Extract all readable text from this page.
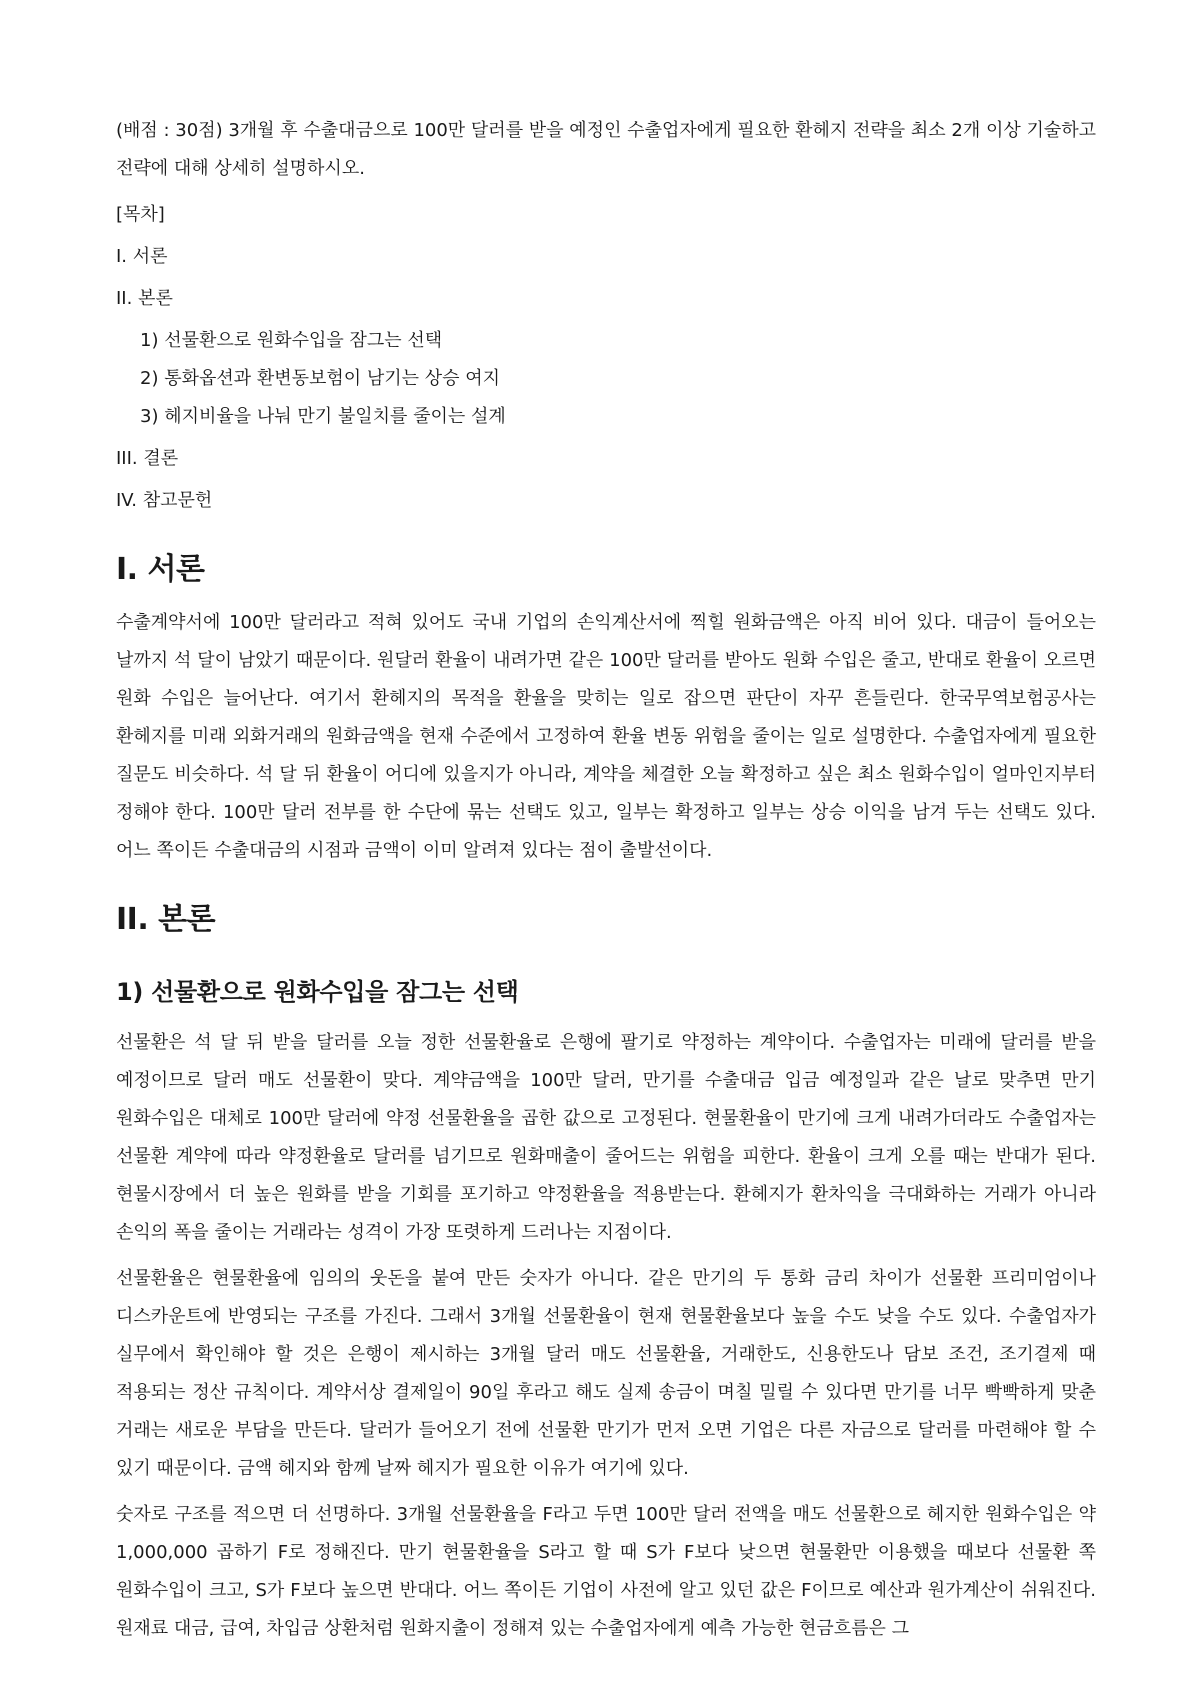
(배점 : 30점) 3개월 후 수출대금으로 100만 달러를 받을 예정인 수출업자에게 필요한 환헤지 전략을 최소 2개 이상 기술하고 전략에 대해 상세히 설명하시오.

[목차]

I. 서론

II. 본론

1) 선물환으로 원화수입을 잠그는 선택

2) 통화옵션과 환변동보험이 남기는 상승 여지

3) 헤지비율을 나눠 만기 불일치를 줄이는 설계

III. 결론

IV. 참고문헌

I. 서론

수출계약서에 100만 달러라고 적혀 있어도 국내 기업의 손익계산서에 찍힐 원화금액은 아직 비어 있다. 대금이 들어오는 날까지 석 달이 남았기 때문이다. 원달러 환율이 내려가면 같은 100만 달러를 받아도 원화 수입은 줄고, 반대로 환율이 오르면 원화 수입은 늘어난다. 여기서 환헤지의 목적을 환율을 맞히는 일로 잡으면 판단이 자꾸 흔들린다. 한국무역보험공사는 환헤지를 미래 외화거래의 원화금액을 현재 수준에서 고정하여 환율 변동 위험을 줄이는 일로 설명한다. 수출업자에게 필요한 질문도 비슷하다. 석 달 뒤 환율이 어디에 있을지가 아니라, 계약을 체결한 오늘 확정하고 싶은 최소 원화수입이 얼마인지부터 정해야 한다. 100만 달러 전부를 한 수단에 묶는 선택도 있고, 일부는 확정하고 일부는 상승 이익을 남겨 두는 선택도 있다. 어느 쪽이든 수출대금의 시점과 금액이 이미 알려져 있다는 점이 출발선이다.

II. 본론
1) 선물환으로 원화수입을 잠그는 선택

선물환은 석 달 뒤 받을 달러를 오늘 정한 선물환율로 은행에 팔기로 약정하는 계약이다. 수출업자는 미래에 달러를 받을 예정이므로 달러 매도 선물환이 맞다. 계약금액을 100만 달러, 만기를 수출대금 입금 예정일과 같은 날로 맞추면 만기 원화수입은 대체로 100만 달러에 약정 선물환율을 곱한 값으로 고정된다. 현물환율이 만기에 크게 내려가더라도 수출업자는 선물환 계약에 따라 약정환율로 달러를 넘기므로 원화매출이 줄어드는 위험을 피한다. 환율이 크게 오를 때는 반대가 된다. 현물시장에서 더 높은 원화를 받을 기회를 포기하고 약정환율을 적용받는다. 환헤지가 환차익을 극대화하는 거래가 아니라 손익의 폭을 줄이는 거래라는 성격이 가장 또렷하게 드러나는 지점이다.

선물환율은 현물환율에 임의의 웃돈을 붙여 만든 숫자가 아니다. 같은 만기의 두 통화 금리 차이가 선물환 프리미엄이나 디스카운트에 반영되는 구조를 가진다. 그래서 3개월 선물환율이 현재 현물환율보다 높을 수도 낮을 수도 있다. 수출업자가 실무에서 확인해야 할 것은 은행이 제시하는 3개월 달러 매도 선물환율, 거래한도, 신용한도나 담보 조건, 조기결제 때 적용되는 정산 규칙이다. 계약서상 결제일이 90일 후라고 해도 실제 송금이 며칠 밀릴 수 있다면 만기를 너무 빡빡하게 맞춘 거래는 새로운 부담을 만든다. 달러가 들어오기 전에 선물환 만기가 먼저 오면 기업은 다른 자금으로 달러를 마련해야 할 수 있기 때문이다. 금액 헤지와 함께 날짜 헤지가 필요한 이유가 여기에 있다.

숫자로 구조를 적으면 더 선명하다. 3개월 선물환율을 F라고 두면 100만 달러 전액을 매도 선물환으로 헤지한 원화수입은 약 1,000,000 곱하기 F로 정해진다. 만기 현물환율을 S라고 할 때 S가 F보다 낮으면 현물환만 이용했을 때보다 선물환 쪽 원화수입이 크고, S가 F보다 높으면 반대다. 어느 쪽이든 기업이 사전에 알고 있던 값은 F이므로 예산과 원가계산이 쉬워진다. 원재료 대금, 급여, 차입금 상환처럼 원화지출이 정해져 있는 수출업자에게 예측 가능한 현금흐름은 그
